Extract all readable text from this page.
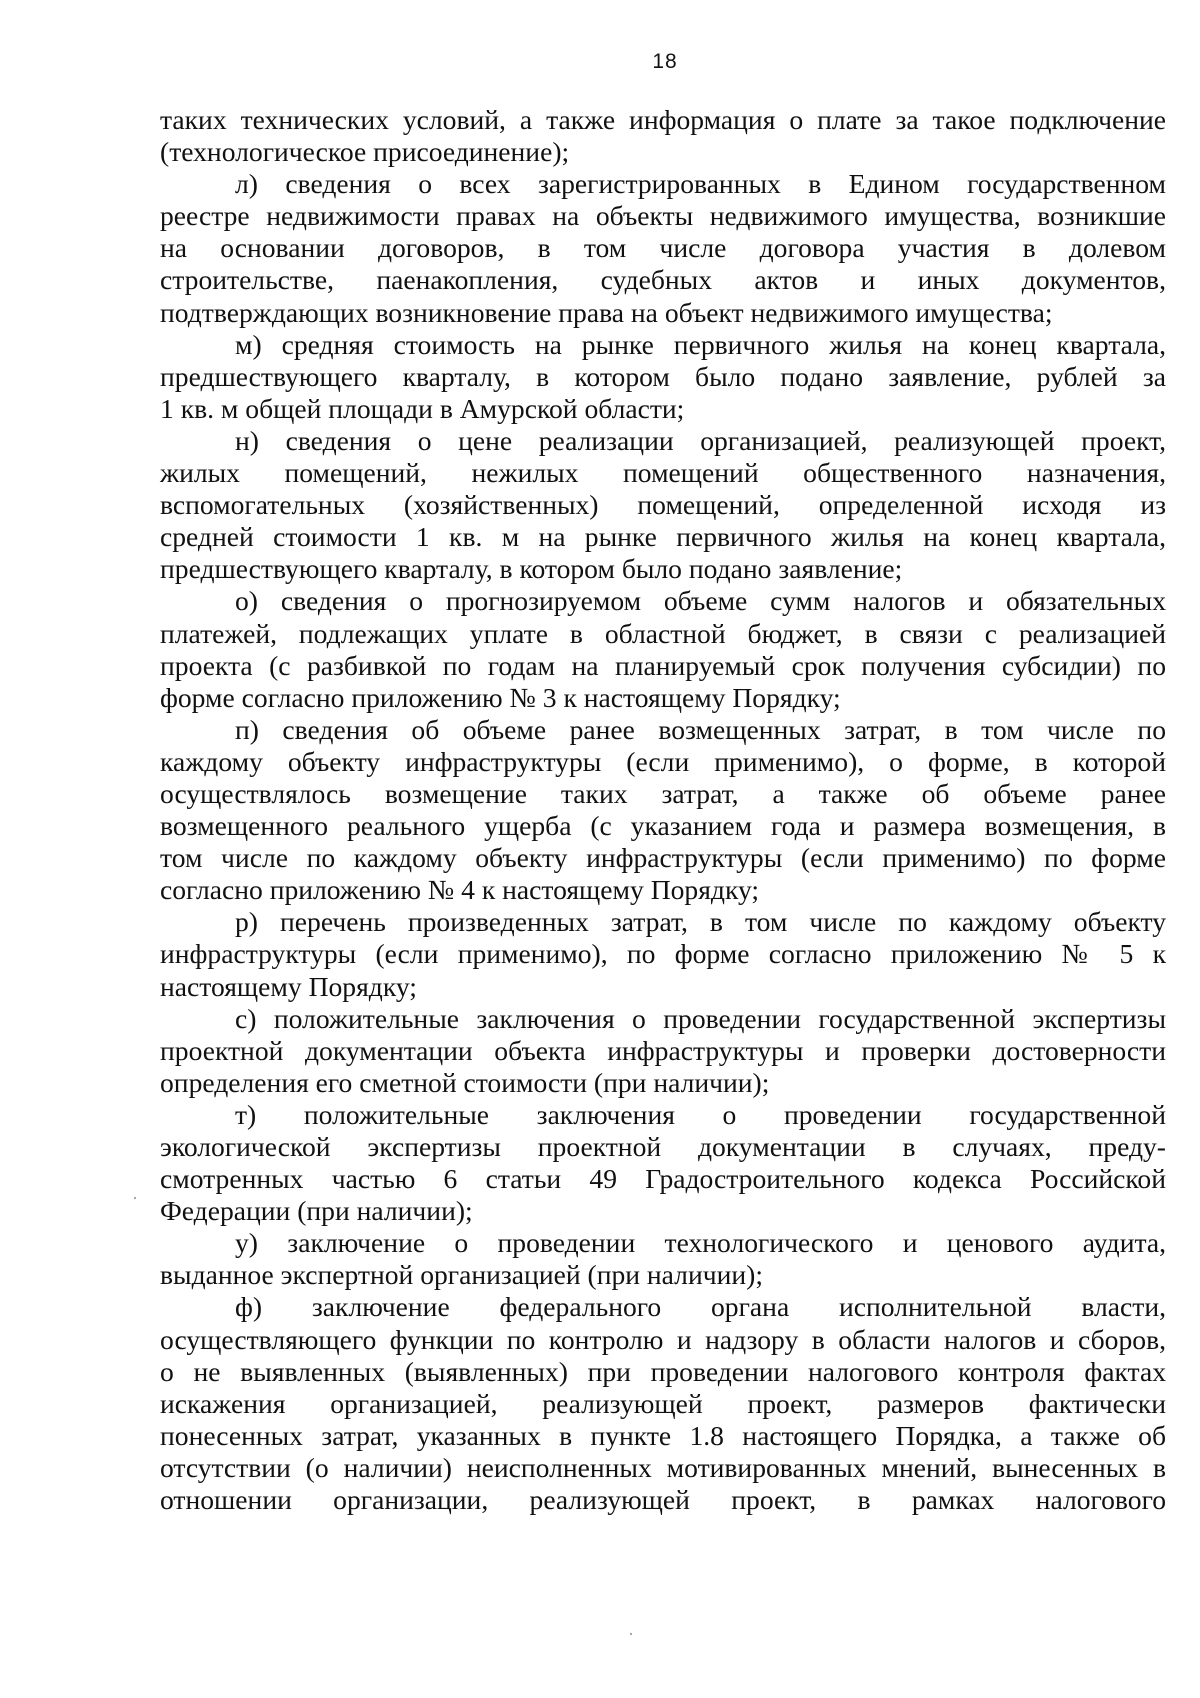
18
таких технических условий, а также информация о плате за такое подключение
(технологическое присоединение);
л) сведения о всех зарегистрированных в Едином государственном
реестре недвижимости правах на объекты недвижимого имущества, возникшие
на основании договоров, в том числе договора участия в долевом
строительстве, паенакопления, судебных актов и иных документов,
подтверждающих возникновение права на объект недвижимого имущества;
м) средняя стоимость на рынке первичного жилья на конец квартала,
предшествующего кварталу, в котором было подано заявление, рублей за
1 кв. м общей площади в Амурской области;
н) сведения о цене реализации организацией, реализующей проект,
жилых помещений, нежилых помещений общественного назначения,
вспомогательных (хозяйственных) помещений, определенной исходя из
средней стоимости 1 кв. м на рынке первичного жилья на конец квартала,
предшествующего кварталу, в котором было подано заявление;
о) сведения о прогнозируемом объеме сумм налогов и обязательных
платежей, подлежащих уплате в областной бюджет, в связи с реализацией
проекта (с разбивкой по годам на планируемый срок получения субсидии) по
форме согласно приложению № 3 к настоящему Порядку;
п) сведения об объеме ранее возмещенных затрат, в том числе по
каждому объекту инфраструктуры (если применимо), о форме, в которой
осуществлялось возмещение таких затрат, а также об объеме ранее
возмещенного реального ущерба (с указанием года и размера возмещения, в
том числе по каждому объекту инфраструктуры (если применимо) по форме
согласно приложению № 4 к настоящему Порядку;
р) перечень произведенных затрат, в том числе по каждому объекту
инфраструктуры (если применимо), по форме согласно приложению № 5 к
настоящему Порядку;
с) положительные заключения о проведении государственной экспертизы
проектной документации объекта инфраструктуры и проверки достоверности
определения его сметной стоимости (при наличии);
т) положительные заключения о проведении государственной
экологической экспертизы проектной документации в случаях, преду-
смотренных частью 6 статьи 49 Градостроительного кодекса Российской
Федерации (при наличии);
у) заключение о проведении технологического и ценового аудита,
выданное экспертной организацией (при наличии);
ф) заключение федерального органа исполнительной власти,
осуществляющего функции по контролю и надзору в области налогов и сборов,
о не выявленных (выявленных) при проведении налогового контроля фактах
искажения организацией, реализующей проект, размеров фактически
понесенных затрат, указанных в пункте 1.8 настоящего Порядка, а также об
отсутствии (о наличии) неисполненных мотивированных мнений, вынесенных в
отношении организации, реализующей проект, в рамках налогового
